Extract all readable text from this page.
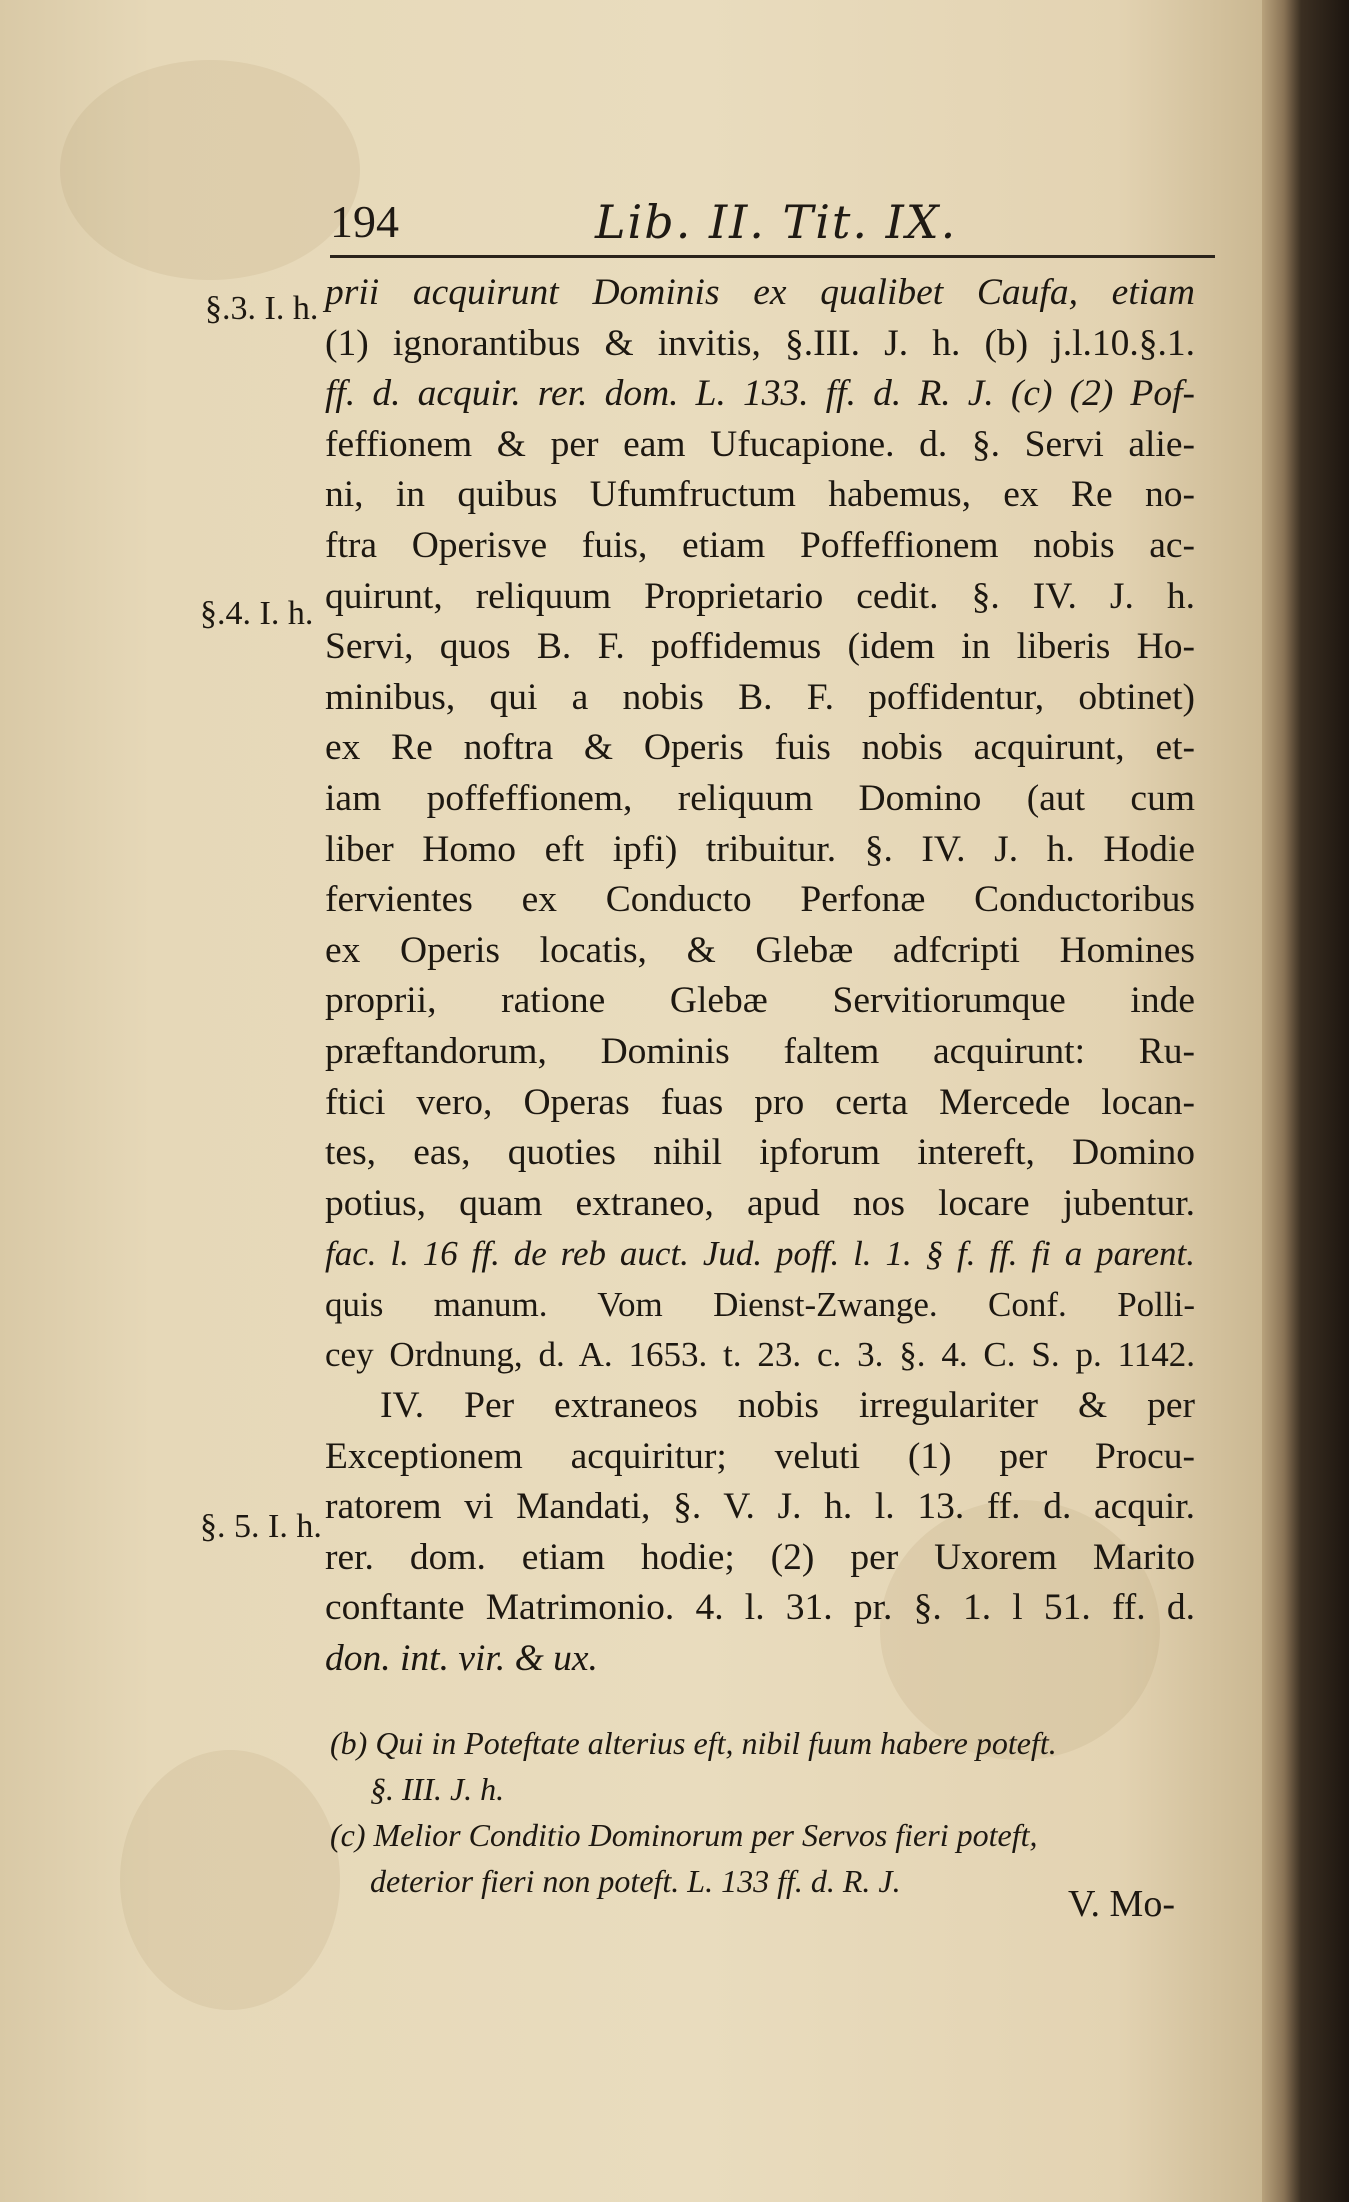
194	Lib. II. Tit. IX.
§.3. I. h.
§.4. I. h.
§. 5. I. h.
prii acquirunt Dominis ex qualibet Caufa, etiam
(1) ignorantibus & invitis, §.III. J. h. (b) j.l.10.§.1.
ff. d. acquir. rer. dom. L. 133. ff. d. R. J. (c) (2) Pof-
feffionem & per eam Ufucapione. d. §. Servi alie-
ni, in quibus Ufumfructum habemus, ex Re no-
ftra Operisve fuis, etiam Poffeffionem nobis ac-
quirunt, reliquum Proprietario cedit. §. IV. J. h.
Servi, quos B. F. poffidemus (idem in liberis Ho-
minibus, qui a nobis B. F. poffidentur, obtinet)
ex Re noftra & Operis fuis nobis acquirunt, et-
iam poffeffionem, reliquum Domino (aut cum
liber Homo eft ipfi) tribuitur. §. IV. J. h. Hodie
fervientes ex Conducto Perfonæ Conductoribus
ex Operis locatis, & Glebæ adfcripti Homines
proprii, ratione Glebæ Servitiorumque inde
præftandorum, Dominis faltem acquirunt: Ru-
ftici vero, Operas fuas pro certa Mercede locan-
tes, eas, quoties nihil ipforum intereft, Domino
potius, quam extraneo, apud nos locare jubentur.
fac. l. 16 ff. de reb auct. Jud. poff. l. 1. § f. ff. fi a parent.
quis manum. Vom Dienst-Zwange. Conf. Polli-
cey Ordnung, d. A. 1653. t. 23. c. 3. §. 4. C. S. p. 1142.
IV. Per extraneos nobis irregulariter & per
Exceptionem acquiritur; veluti (1) per Procu-
ratorem vi Mandati, §. V. J. h. l. 13. ff. d. acquir.
rer. dom. etiam hodie; (2) per Uxorem Marito
conftante Matrimonio. 4. l. 31. pr. §. 1. l 51. ff. d.
don. int. vir. & ux.
(b) Qui in Poteftate alterius eft, nibil fuum habere poteft.
§. III. J. h.
(c) Melior Conditio Dominorum per Servos fieri poteft,
deterior fieri non poteft. L. 133 ff. d. R. J.
V. Mo-
